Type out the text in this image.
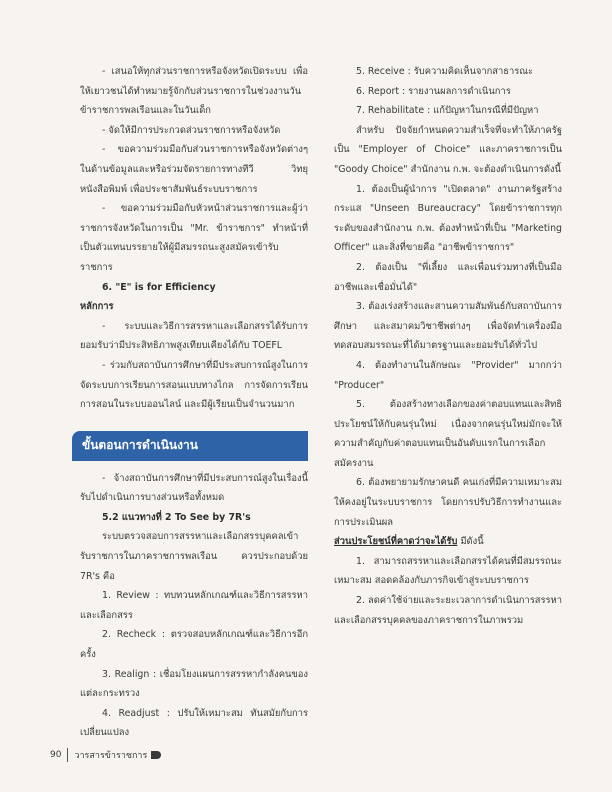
- เสนอให้ทุกส่วนราชการหรือจังหวัดเปิดระบบ เพื่อให้เยาวชนได้ทำหมายรู้จักกับส่วนราชการในช่วงงานวันข้าราชการพลเรือนและในวันเด็ก

- จัดให้มีการประกวดส่วนราชการหรือจังหวัด

- ขอความร่วมมือกับส่วนราชการหรือจังหวัดต่างๆ ในด้านข้อมูลและหรือร่วมจัดรายการทางทีวี วิทยุ หนังสือพิมพ์ เพื่อประชาสัมพันธ์ระบบราชการ

- ขอความร่วมมือกับหัวหน้าส่วนราชการและผู้ว่าราชการจังหวัดในการเป็น "Mr. ข้าราชการ" ทำหน้าที่เป็นตัวแทนบรรยายให้ผู้มีสมรรถนะสูงสมัครเข้ารับราชการ

6. "E" is for Efficiency

หลักการ

- ระบบและวิธีการสรรหาและเลือกสรรได้รับการยอมรับว่ามีประสิทธิภาพสูงเทียบเคียงได้กับ TOEFL

- ร่วมกับสถาบันการศึกษาที่มีประสบการณ์สูงในการจัดระบบการเรียนการสอนแบบทางไกล การจัดการเรียนการสอนในระบบออนไลน์ และมีผู้เรียนเป็นจำนวนมาก

ขั้นตอนการดำเนินงาน

- จ้างสถาบันการศึกษาที่มีประสบการณ์สูงในเรื่องนี้รับไปดำเนินการบางส่วนหรือทั้งหมด

5.2 แนวทางที่ 2 To See by 7R's

ระบบตรวจสอบการสรรหาและเลือกสรรบุคคลเข้ารับราชการในภาคราชการพลเรือน ควรประกอบด้วย 7R's คือ

1. Review : ทบทวนหลักเกณฑ์และวิธีการสรรหาและเลือกสรร

2. Recheck : ตรวจสอบหลักเกณฑ์และวิธีการอีกครั้ง

3. Realign : เชื่อมโยงแผนการสรรหากำลังคนของแต่ละกระทรวง

4. Readjust : ปรับให้เหมาะสม ทันสมัยกับการเปลี่ยนแปลง

5. Receive : รับความคิดเห็นจากสาธารณะ

6. Report : รายงานผลการดำเนินการ

7. Rehabilitate : แก้ปัญหาในกรณีที่มีปัญหา

สำหรับ ปัจจัยกำหนดความสำเร็จที่จะทำให้ภาครัฐเป็น "Employer of Choice" และภาคราชการเป็น "Goody Choice" สำนักงาน ก.พ. จะต้องดำเนินการดังนี้

1. ต้องเป็นผู้นำการ "เปิดตลาด" งานภาครัฐสร้างกระแส "Unseen Bureaucracy" โดยข้าราชการทุกระดับของสำนักงาน ก.พ. ต้องทำหน้าที่เป็น "Marketing Officer" และสิ่งที่ขายคือ "อาชีพข้าราชการ"

2. ต้องเป็น "พี่เลี้ยง และเพื่อนร่วมทางที่เป็นมืออาชีพและเชื่อมั่นได้"

3. ต้องเร่งสร้างและสานความสัมพันธ์กับสถาบันการศึกษา และสมาคมวิชาชีพต่างๆ เพื่อจัดทำเครื่องมือทดสอบสมรรถนะที่ได้มาตรฐานและยอมรับได้ทั่วไป

4. ต้องทำงานในลักษณะ "Provider" มากกว่า "Producer"

5. ต้องสร้างทางเลือกของค่าตอบแทนและสิทธิประโยชน์ให้กับคนรุ่นใหม่ เนื่องจากคนรุ่นใหม่มักจะให้ความสำคัญกับค่าตอบแทนเป็นอันดับแรกในการเลือกสมัครงาน

6. ต้องพยายามรักษาคนดี คนเก่งที่มีความเหมาะสมให้คงอยู่ในระบบราชการ โดยการปรับวิธีการทำงานและการประเมินผล

ส่วนประโยชน์ที่คาดว่าจะได้รับ มีดังนี้

1. สามารถสรรหาและเลือกสรรได้คนที่มีสมรรถนะเหมาะสม สอดคล้องกับภารกิจเข้าสู่ระบบราชการ

2. ลดค่าใช้จ่ายและระยะเวลาการดำเนินการสรรหาและเลือกสรรบุคคลของภาคราชการในภาพรวม

90 วารสารข้าราชการ
